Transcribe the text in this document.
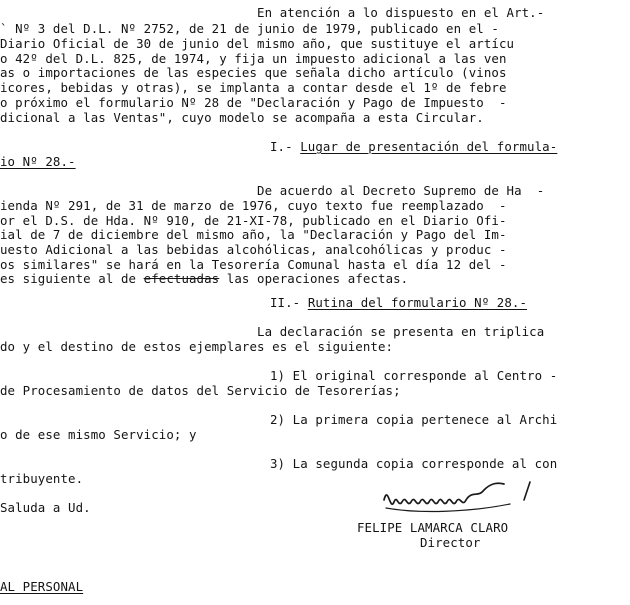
En atención a lo dispuesto en el Art.-
` Nº 3 del D.L. Nº 2752, de 21 de junio de 1979, publicado en el -
Diario Oficial de 30 de junio del mismo año, que sustituye el artícu
o 42º del D.L. 825, de 1974, y fija un impuesto adicional a las ven
as o importaciones de las especies que señala dicho artículo (vinos
icores, bebidas y otras), se implanta a contar desde el 1º de febre
o próximo el formulario Nº 28 de "Declaración y Pago de Impuesto  -
dicional a las Ventas", cuyo modelo se acompaña a esta Circular.
I.- Lugar de presentación del formula-
io Nº 28.-
De acuerdo al Decreto Supremo de Ha  -
ienda Nº 291, de 31 de marzo de 1976, cuyo texto fue reemplazado  -
or el D.S. de Hda. Nº 910, de 21-XI-78, publicado en el Diario Ofi-
ial de 7 de diciembre del mismo año, la "Declaración y Pago del Im-
uesto Adicional a las bebidas alcohólicas, analcohólicas y produc -
os similares" se hará en la Tesorería Comunal hasta el día 12 del -
es siguiente al de efectuadas las operaciones afectas.
II.- Rutina del formulario Nº 28.-
La declaración se presenta en triplica
do y el destino de estos ejemplares es el siguiente:
1) El original corresponde al Centro -
de Procesamiento de datos del Servicio de Tesorerías;
2) La primera copia pertenece al Archi
o de ese mismo Servicio; y
3) La segunda copia corresponde al con
tribuyente.
Saluda a Ud.
FELIPE LAMARCA CLARO
Director
AL PERSONAL
